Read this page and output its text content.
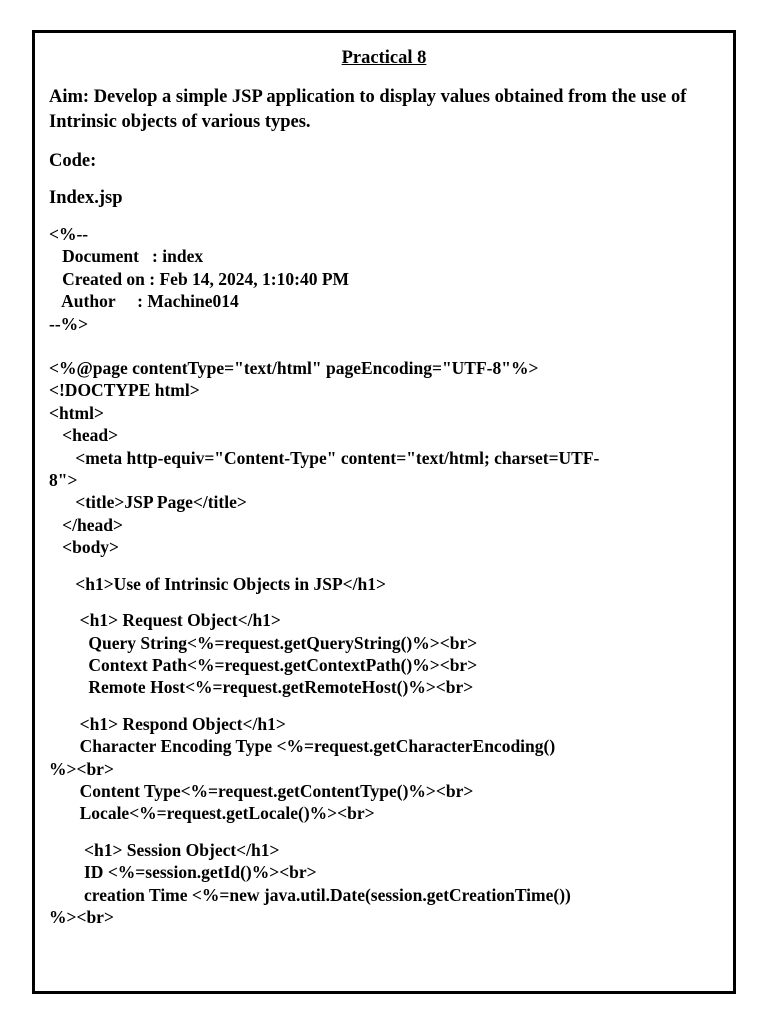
Practical 8
Aim: Develop a simple JSP application to display values obtained from the use of Intrinsic objects of various types.
Code:
Index.jsp
<%--
Document   : index
Created on : Feb 14, 2024, 1:10:40 PM
Author     : Machine014
--%>
<%@page contentType="text/html" pageEncoding="UTF-8"%>
<!DOCTYPE html>
<html>
<head>
<meta http-equiv="Content-Type" content="text/html; charset=UTF-
8">
<title>JSP Page</title>
</head>
<body>
<h1>Use of Intrinsic Objects in JSP</h1>
<h1> Request Object</h1>
Query String<%=request.getQueryString()%><br>
Context Path<%=request.getContextPath()%><br>
Remote Host<%=request.getRemoteHost()%><br>
<h1> Respond Object</h1>
Character Encoding Type <%=request.getCharacterEncoding()
%><br>
Content Type<%=request.getContentType()%><br>
Locale<%=request.getLocale()%><br>
<h1> Session Object</h1>
ID <%=session.getId()%><br>
creation Time <%=new java.util.Date(session.getCreationTime())
%><br>
